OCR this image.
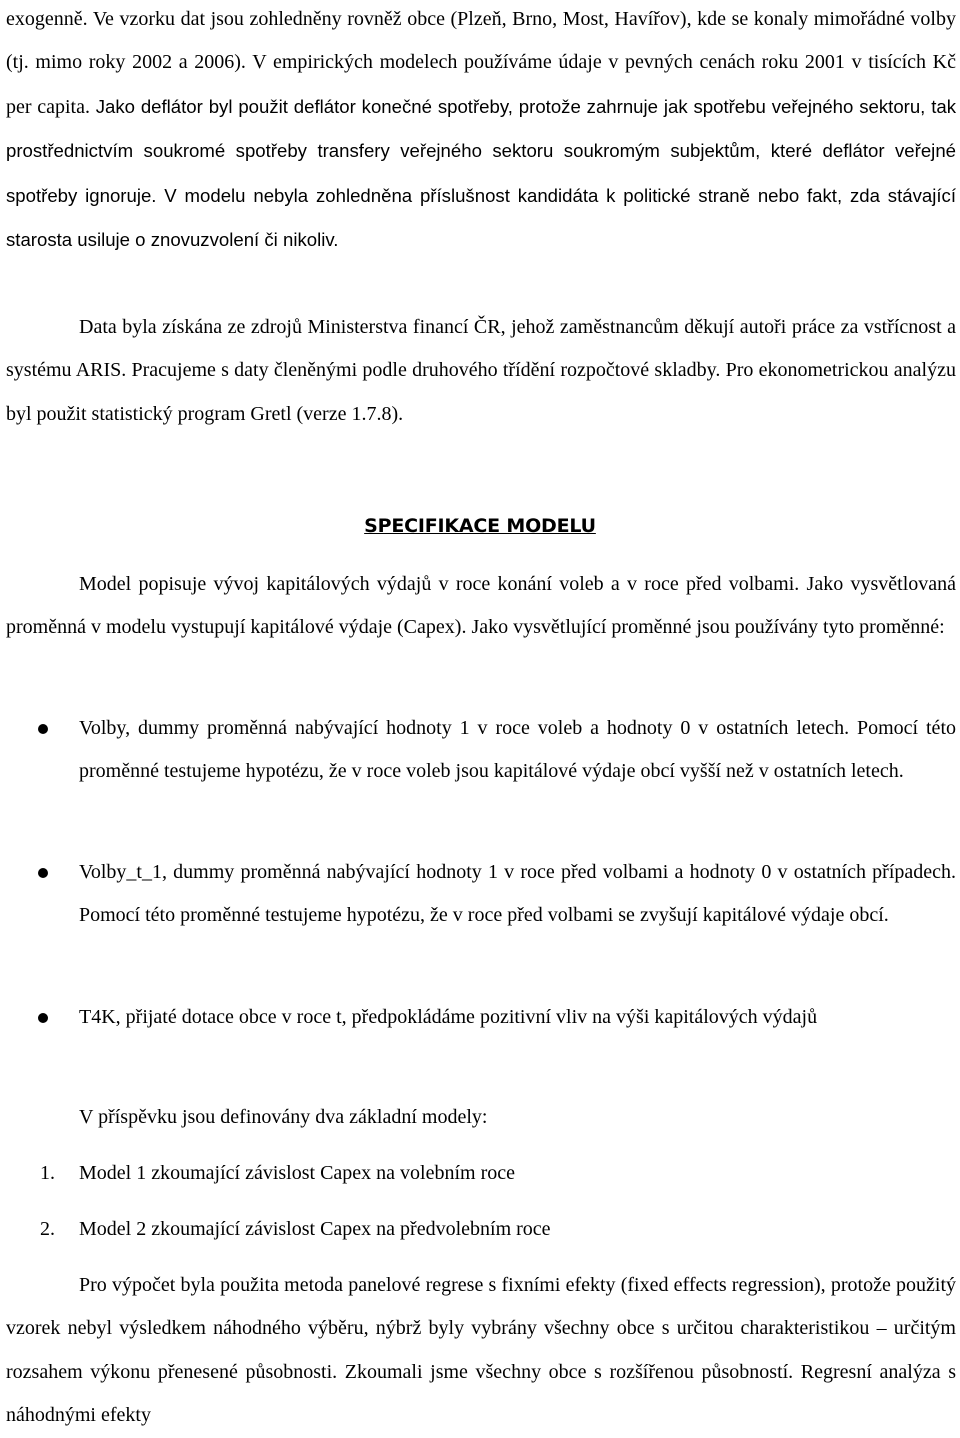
exogenně. Ve vzorku dat jsou zohledněny rovněž obce (Plzeň, Brno, Most, Havířov), kde se konaly mimořádné volby (tj. mimo roky 2002 a 2006). V empirických modelech používáme údaje v pevných cenách roku 2001 v tisících Kč per capita. Jako deflátor byl použit deflátor konečné spotřeby, protože zahrnuje jak spotřebu veřejného sektoru, tak prostřednictvím soukromé spotřeby transfery veřejného sektoru soukromým subjektům, které deflátor veřejné spotřeby ignoruje. V modelu nebyla zohledněna příslušnost kandidáta k politické straně nebo fakt, zda stávající starosta usiluje o znovuzvolení či nikoliv.

Data byla získána ze zdrojů Ministerstva financí ČR, jehož zaměstnancům děkují autoři práce za vstřícnost a systému ARIS. Pracujeme s daty členěnými podle druhového třídění rozpočtové skladby. Pro ekonometrickou analýzu byl použit statistický program Gretl (verze 1.7.8).

SPECIFIKACE MODELU

Model popisuje vývoj kapitálových výdajů v roce konání voleb a v roce před volbami. Jako vysvětlovaná proměnná v modelu vystupují kapitálové výdaje (Capex). Jako vysvětlující proměnné jsou používány tyto proměnné:

Volby, dummy proměnná nabývající hodnoty 1 v roce voleb a hodnoty 0 v ostatních letech. Pomocí této proměnné testujeme hypotézu, že v roce voleb jsou kapitálové výdaje obcí vyšší než v ostatních letech.

Volby_t_1, dummy proměnná nabývající hodnoty 1 v roce před volbami a hodnoty 0 v ostatních případech. Pomocí této proměnné testujeme hypotézu, že v roce před volbami se zvyšují kapitálové výdaje obcí.

T4K, přijaté dotace obce v roce t, předpokládáme pozitivní vliv na výši kapitálových výdajů

V příspěvku jsou definovány dva základní modely:

1. Model 1 zkoumající závislost Capex na volebním roce

2. Model 2 zkoumající závislost Capex na předvolebním roce

Pro výpočet byla použita metoda panelové regrese s fixními efekty (fixed effects regression), protože použitý vzorek nebyl výsledkem náhodného výběru, nýbrž byly vybrány všechny obce s určitou charakteristikou – určitým rozsahem výkonu přenesené působnosti. Zkoumali jsme všechny obce s rozšířenou působností. Regresní analýza s náhodnými efekty
